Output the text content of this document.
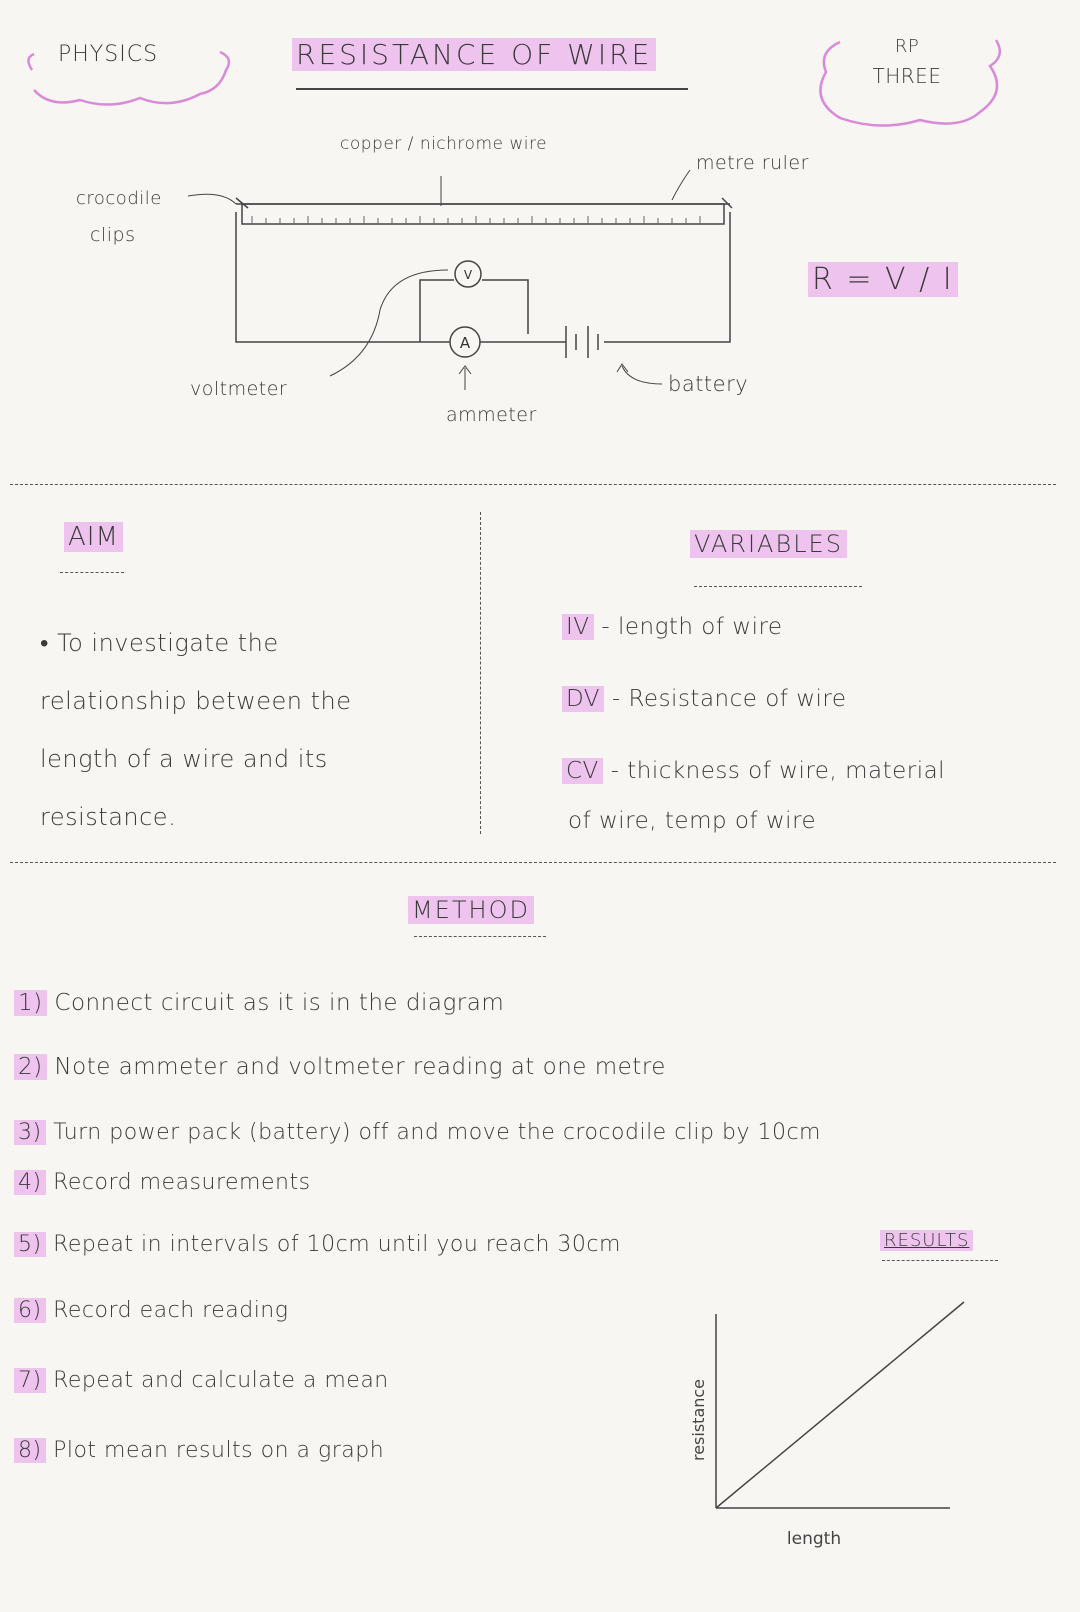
PHYSICS	RESISTANCE OF WIRE	RP
THREE
A
V
copper / nichrome wire
metre ruler
crocodile
clips
voltmeter
ammeter
battery
R = V / I
AIM
• To investigate the
relationship between the
length of a wire and its
resistance.
VARIABLES
IV - length of wire
DV - Resistance of wire
CV - thickness of wire, material
of wire, temp of wire
METHOD
1) Connect circuit as it is in the diagram
2) Note ammeter and voltmeter reading at one metre
3) Turn power pack (battery) off and move the crocodile clip by 10cm
4) Record measurements
5) Repeat in intervals of 10cm until you reach 30cm
6) Record each reading
7) Repeat and calculate a mean
8) Plot mean results on a graph
RESULTS
resistance
length
